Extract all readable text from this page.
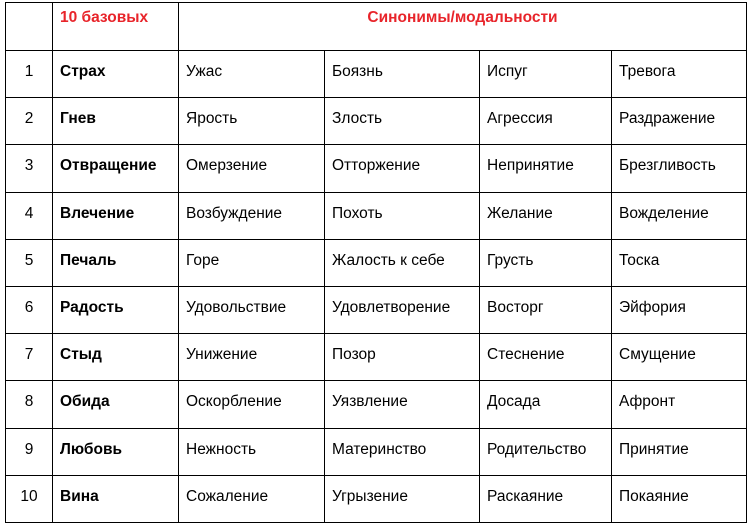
	10 базовых	Синонимы/модальности			
1	Страх	Ужас	Боязнь	Испуг	Тревога
2	Гнев	Ярость	Злость	Агрессия	Раздражение
3	Отвращение	Омерзение	Отторжение	Непринятие	Брезгливость
4	Влечение	Возбуждение	Похоть	Желание	Вожделение
5	Печаль	Горе	Жалость к себе	Грусть	Тоска
6	Радость	Удовольствие	Удовлетворение	Восторг	Эйфория
7	Стыд	Унижение	Позор	Стеснение	Смущение
8	Обида	Оскорбление	Уязвление	Досада	Афронт
9	Любовь	Нежность	Материнство	Родительство	Принятие
10	Вина	Сожаление	Угрызение	Раскаяние	Покаяние
